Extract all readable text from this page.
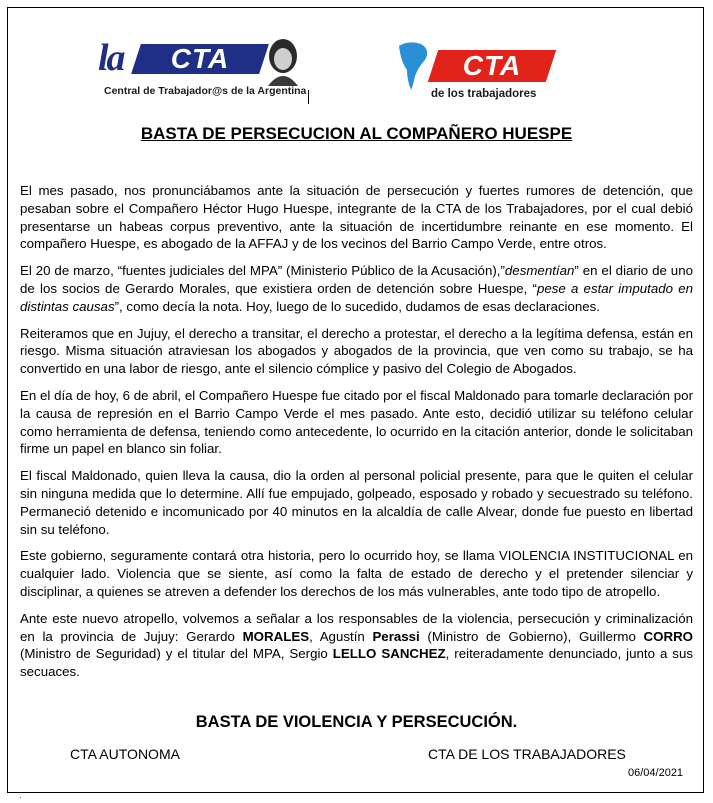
la	CTA
Central de Trabajador@s de la Argentina
CTA
de los trabajadores
BASTA DE PERSECUCION AL COMPAÑERO HUESPE

El mes pasado, nos pronunciábamos ante la situación de persecución y fuertes rumores de detención, que pesaban sobre el Compañero Héctor Hugo Huespe, integrante de la CTA de los Trabajadores, por el cual debió presentarse un habeas corpus preventivo, ante la situación de incertidumbre reinante en ese momento. El compañero Huespe, es abogado de la AFFAJ y de los vecinos del Barrio Campo Verde, entre otros.

El 20 de marzo, “fuentes judiciales del MPA” (Ministerio Público de la Acusación),”desmentían” en el diario de uno de los socios de Gerardo Morales, que existiera orden de detención sobre Huespe, “pese a estar imputado en distintas causas”, como decía la nota. Hoy, luego de lo sucedido, dudamos de esas declaraciones.

Reiteramos que en Jujuy, el derecho a transitar, el derecho a protestar, el derecho a la legítima defensa, están en riesgo. Misma situación atraviesan los abogados y abogados de la provincia, que ven como su trabajo, se ha convertido en una labor de riesgo, ante el silencio cómplice y pasivo del Colegio de Abogados.

En el día de hoy, 6 de abril, el Compañero Huespe fue citado por el fiscal Maldonado para tomarle declaración por la causa de represión en el Barrio Campo Verde el mes pasado. Ante esto, decidió utilizar su teléfono celular como herramienta de defensa, teniendo como antecedente, lo ocurrido en la citación anterior, donde le solicitaban firme un papel en blanco sin foliar.

El fiscal Maldonado, quien lleva la causa, dio la orden al personal policial presente, para que le quiten el celular sin ninguna medida que lo determine. Allí fue empujado, golpeado, esposado y robado y secuestrado su teléfono. Permaneció detenido e incomunicado por 40 minutos en la alcaldía de calle Alvear, donde fue puesto en libertad sin su teléfono.

Este gobierno, seguramente contará otra historia, pero lo ocurrido hoy, se llama VIOLENCIA INSTITUCIONAL en cualquier lado. Violencia que se siente, así como la falta de estado de derecho y el pretender silenciar y disciplinar, a quienes se atreven a defender los derechos de los más vulnerables, ante todo tipo de atropello.

Ante este nuevo atropello, volvemos a señalar a los responsables de la violencia, persecución y criminalización en la provincia de Jujuy: Gerardo MORALES, Agustín Perassi (Ministro de Gobierno), Guillermo CORRO (Ministro de Seguridad) y el titular del MPA, Sergio LELLO SANCHEZ, reiteradamente denunciado, junto a sus secuaces.

BASTA DE VIOLENCIA Y PERSECUCIÓN.
CTA AUTONOMA	CTA DE LOS TRABAJADORES
06/04/2021
